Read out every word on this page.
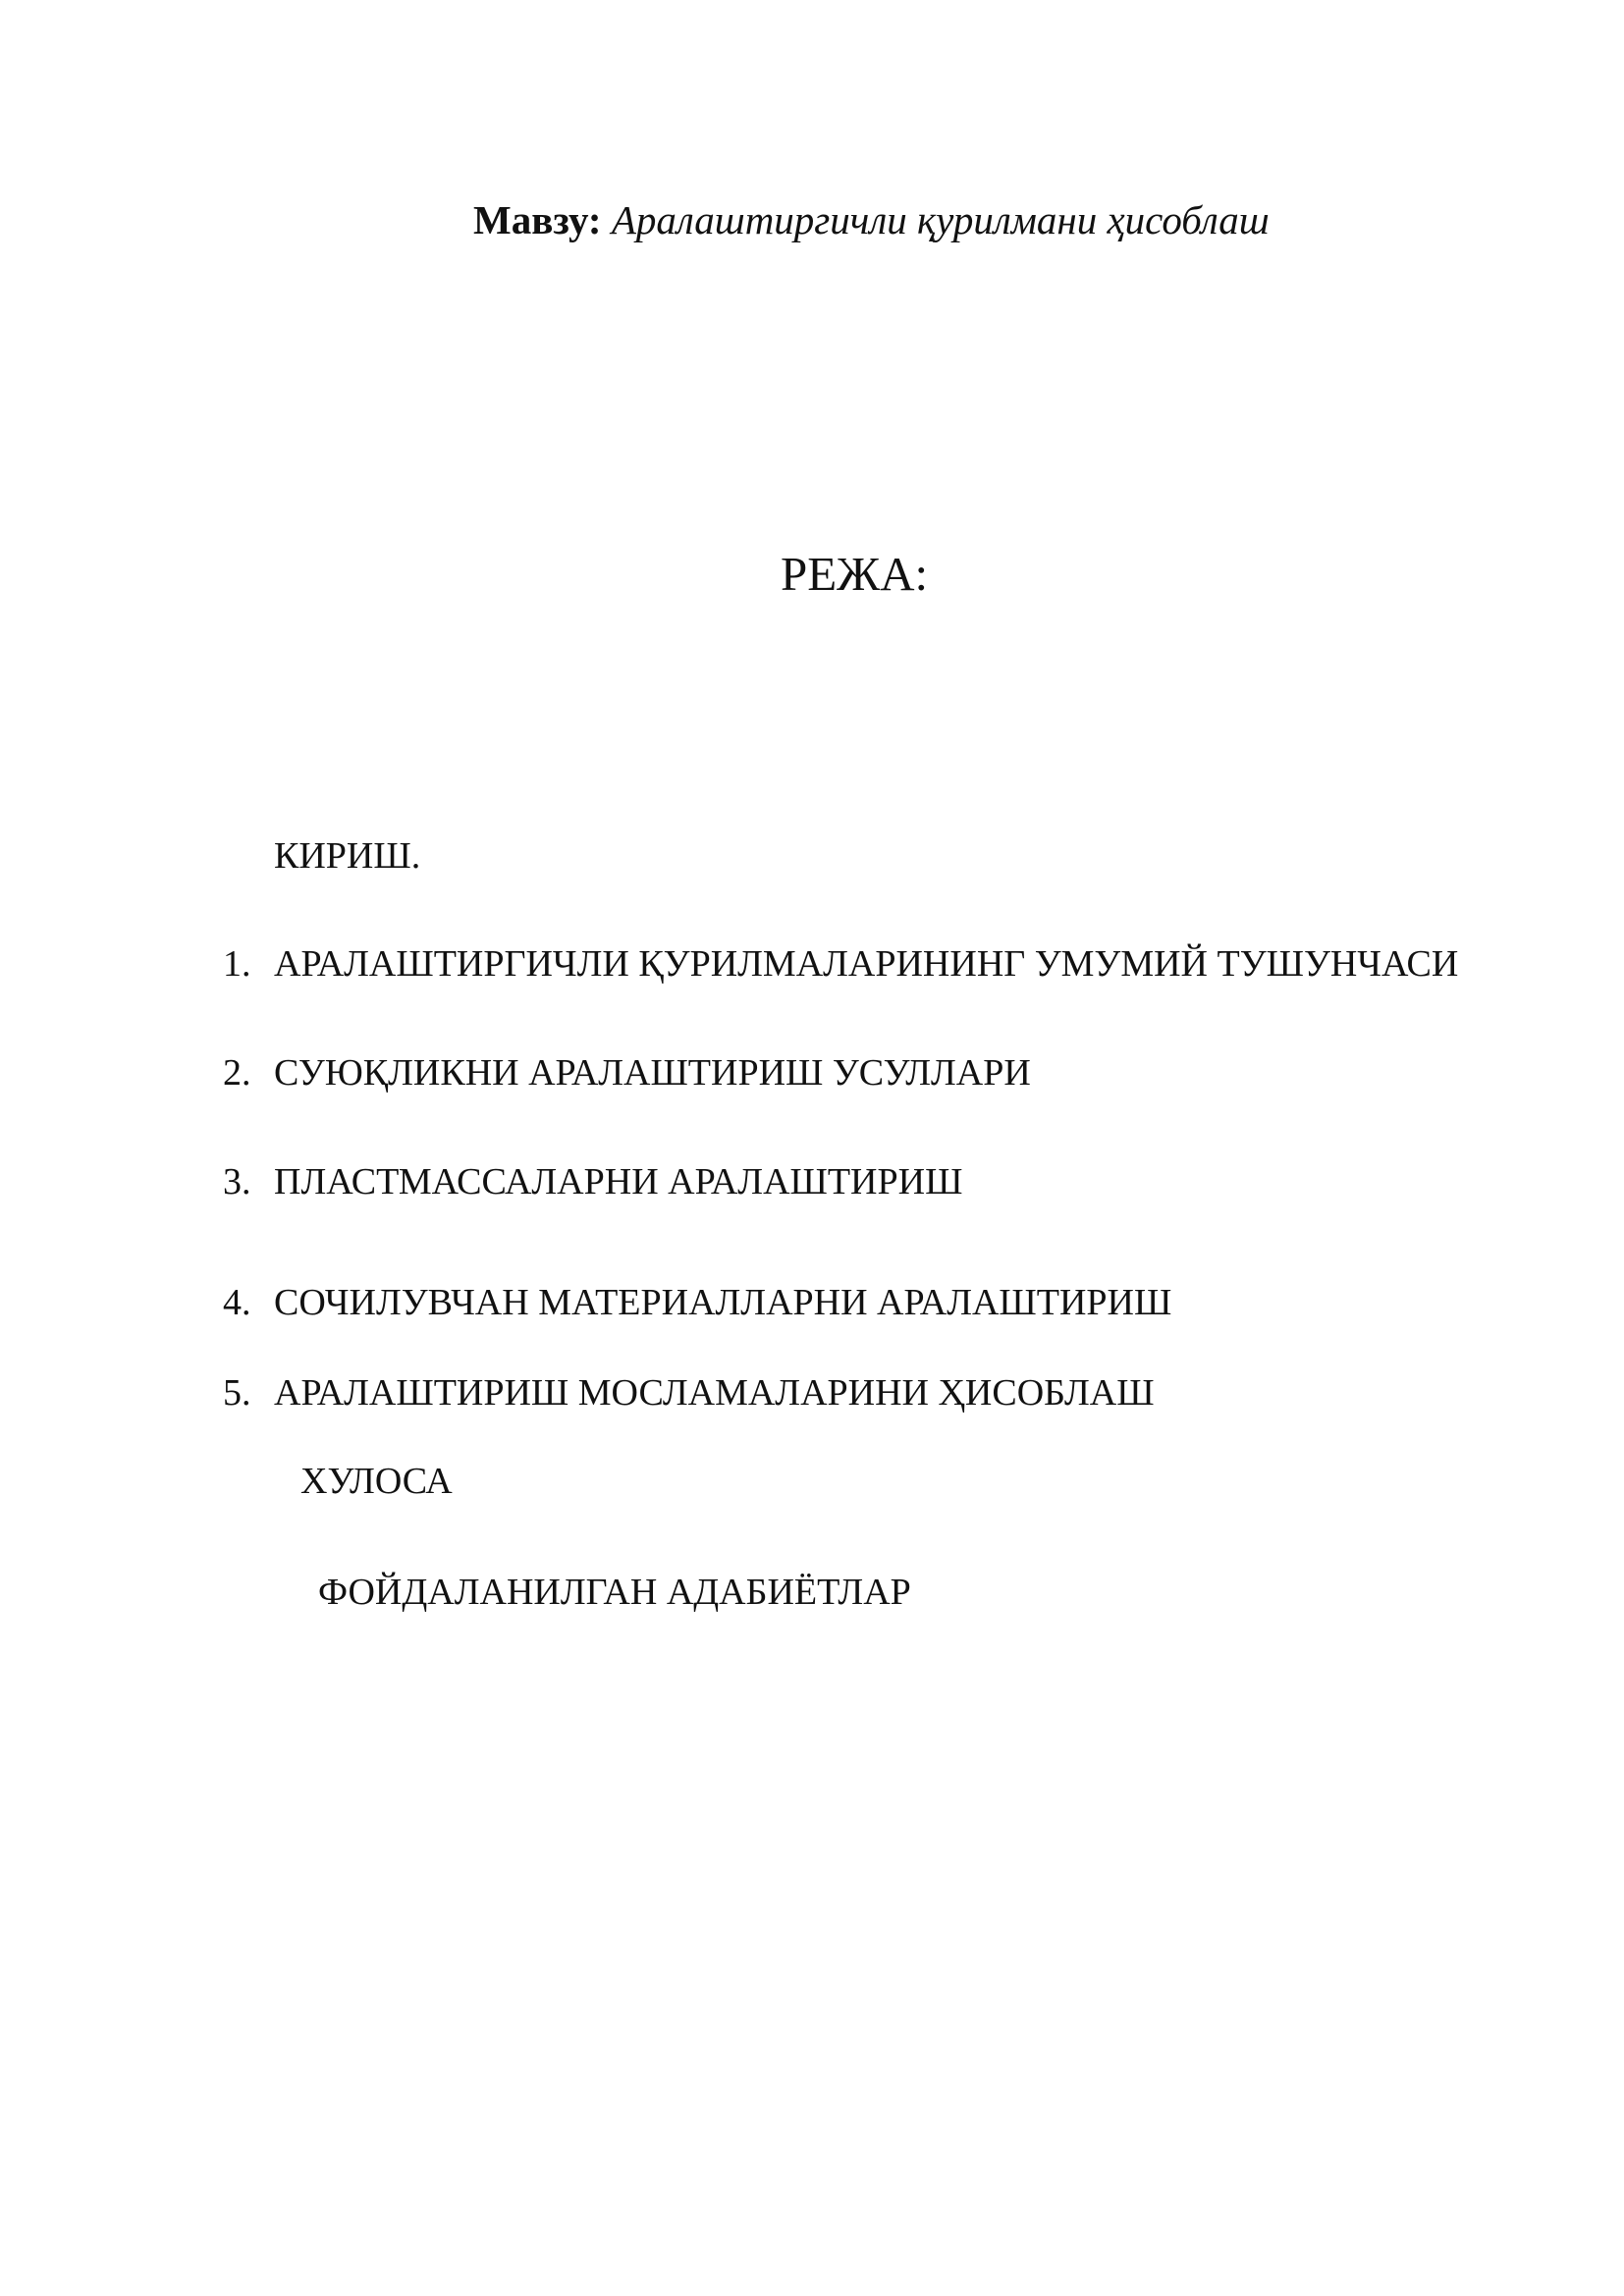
Мавзу: Аралаштиргичли қурилмани ҳисоблаш
РЕЖА:
КИРИШ.
1. АРАЛАШТИРГИЧЛИ ҚУРИЛМАЛАРИНИНГ УМУМИЙ ТУШУНЧАСИ
2. СУЮҚЛИКНИ АРАЛАШТИРИШ УСУЛЛАРИ
3. ПЛАСТМАССАЛАРНИ АРАЛАШТИРИШ
4. СОЧИЛУВЧАН МАТЕРИАЛЛАРНИ АРАЛАШТИРИШ
5. АРАЛАШТИРИШ МОСЛАМАЛАРИНИ ҲИСОБЛАШ
ХУЛОСА
ФОЙДАЛАНИЛГАН АДАБИЁТЛАР
